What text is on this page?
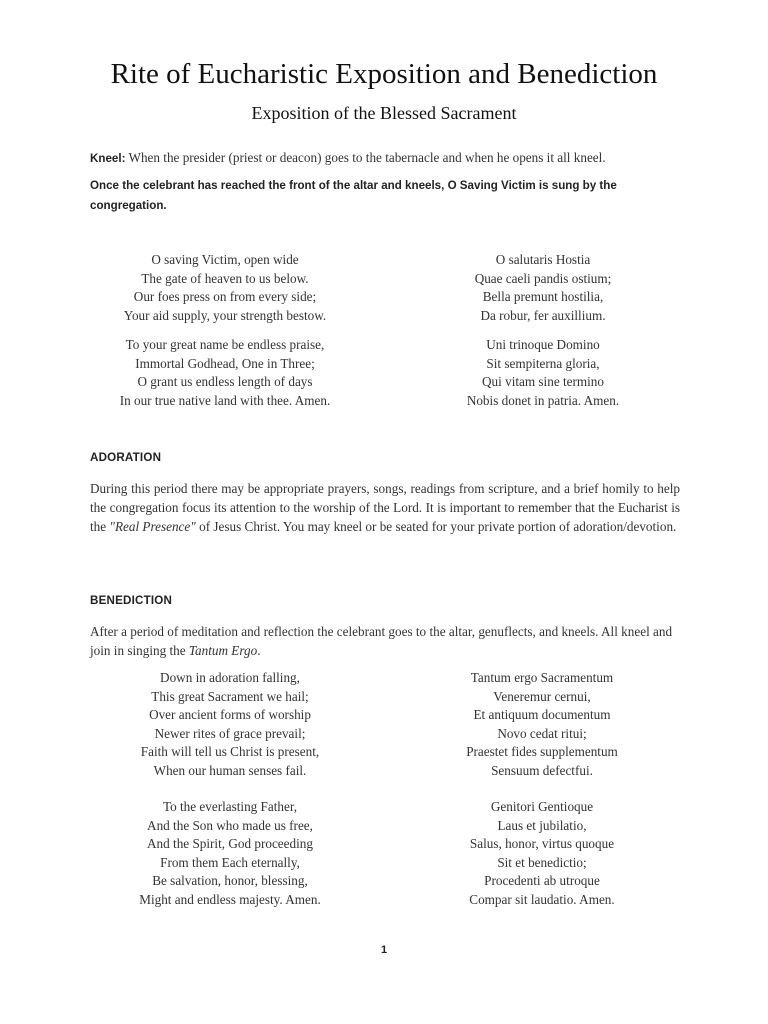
Rite of Eucharistic Exposition and Benediction
Exposition of the Blessed Sacrament

Kneel: When the presider (priest or deacon) goes to the tabernacle and when he opens it all kneel.

Once the celebrant has reached the front of the altar and kneels, O Saving Victim is sung by the congregation.

O saving Victim, open wide
The gate of heaven to us below.
Our foes press on from every side;
Your aid supply, your strength bestow.
O salutaris Hostia
Quae caeli pandis ostium;
Bella premunt hostilia,
Da robur, fer auxillium.
To your great name be endless praise,
Immortal Godhead, One in Three;
O grant us endless length of days
In our true native land with thee. Amen.
Uni trinoque Domino
Sit sempiterna gloria,
Qui vitam sine termino
Nobis donet in patria. Amen.
ADORATION

During this period there may be appropriate prayers, songs, readings from scripture, and a brief homily to help the congregation focus its attention to the worship of the Lord. It is important to remember that the Eucharist is the "Real Presence" of Jesus Christ. You may kneel or be seated for your private portion of adoration/devotion.

BENEDICTION

After a period of meditation and reflection the celebrant goes to the altar, genuflects, and kneels. All kneel and join in singing the Tantum Ergo.

Down in adoration falling,
This great Sacrament we hail;
Over ancient forms of worship
Newer rites of grace prevail;
Faith will tell us Christ is present,
When our human senses fail.
Tantum ergo Sacramentum
Veneremur cernui,
Et antiquum documentum
Novo cedat ritui;
Praestet fides supplementum
Sensuum defectfui.
To the everlasting Father,
And the Son who made us free,
And the Spirit, God proceeding
From them Each eternally,
Be salvation, honor, blessing,
Might and endless majesty. Amen.
Genitori Gentioque
Laus et jubilatio,
Salus, honor, virtus quoque
Sit et benedictio;
Procedenti ab utroque
Compar sit laudatio. Amen.
1
